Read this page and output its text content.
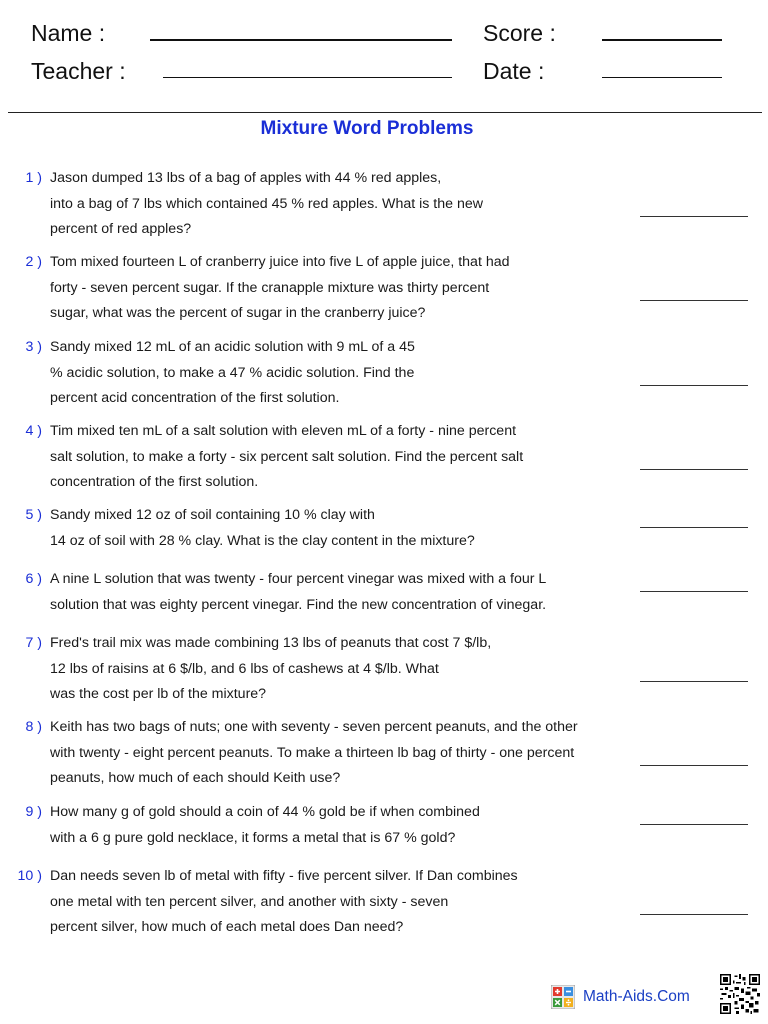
Name :	Score :
Teacher :	Date :
Mixture Word Problems
1 ) Jason dumped 13 lbs of a bag of apples with 44 % red apples,
into a bag of 7 lbs which contained 45 % red apples. What is the new
percent of red apples?
2 ) Tom mixed fourteen L of cranberry juice into five L of apple juice, that had
forty - seven percent sugar. If the cranapple mixture was thirty percent
sugar, what was the percent of sugar in the cranberry juice?
3 ) Sandy mixed 12 mL of an acidic solution with 9 mL of a 45
% acidic solution, to make a 47 % acidic solution. Find the
percent acid concentration of the first solution.
4 ) Tim mixed ten mL of a salt solution with eleven mL of a forty - nine percent
salt solution, to make a forty - six percent salt solution. Find the percent salt
concentration of the first solution.
5 ) Sandy mixed 12 oz of soil containing 10 % clay with
14 oz of soil with 28 % clay. What is the clay content in the mixture?
6 ) A nine L solution that was twenty - four percent vinegar was mixed with a four L
solution that was eighty percent vinegar. Find the new concentration of vinegar.
7 ) Fred's trail mix was made combining 13 lbs of peanuts that cost 7 $/lb,
12 lbs of raisins at 6 $/lb, and 6 lbs of cashews at 4 $/lb. What
was the cost per lb of the mixture?
8 ) Keith has two bags of nuts; one with seventy - seven percent peanuts, and the other
with twenty - eight percent peanuts. To make a thirteen lb bag of thirty - one percent
peanuts, how much of each should Keith use?
9 ) How many g of gold should a coin of 44 % gold be if when combined
with a 6 g pure gold necklace, it forms a metal that is 67 % gold?
10 ) Dan needs seven lb of metal with fifty - five percent silver. If Dan combines
one metal with ten percent silver, and another with sixty - seven
percent silver, how much of each metal does Dan need?
Math-Aids.Com
